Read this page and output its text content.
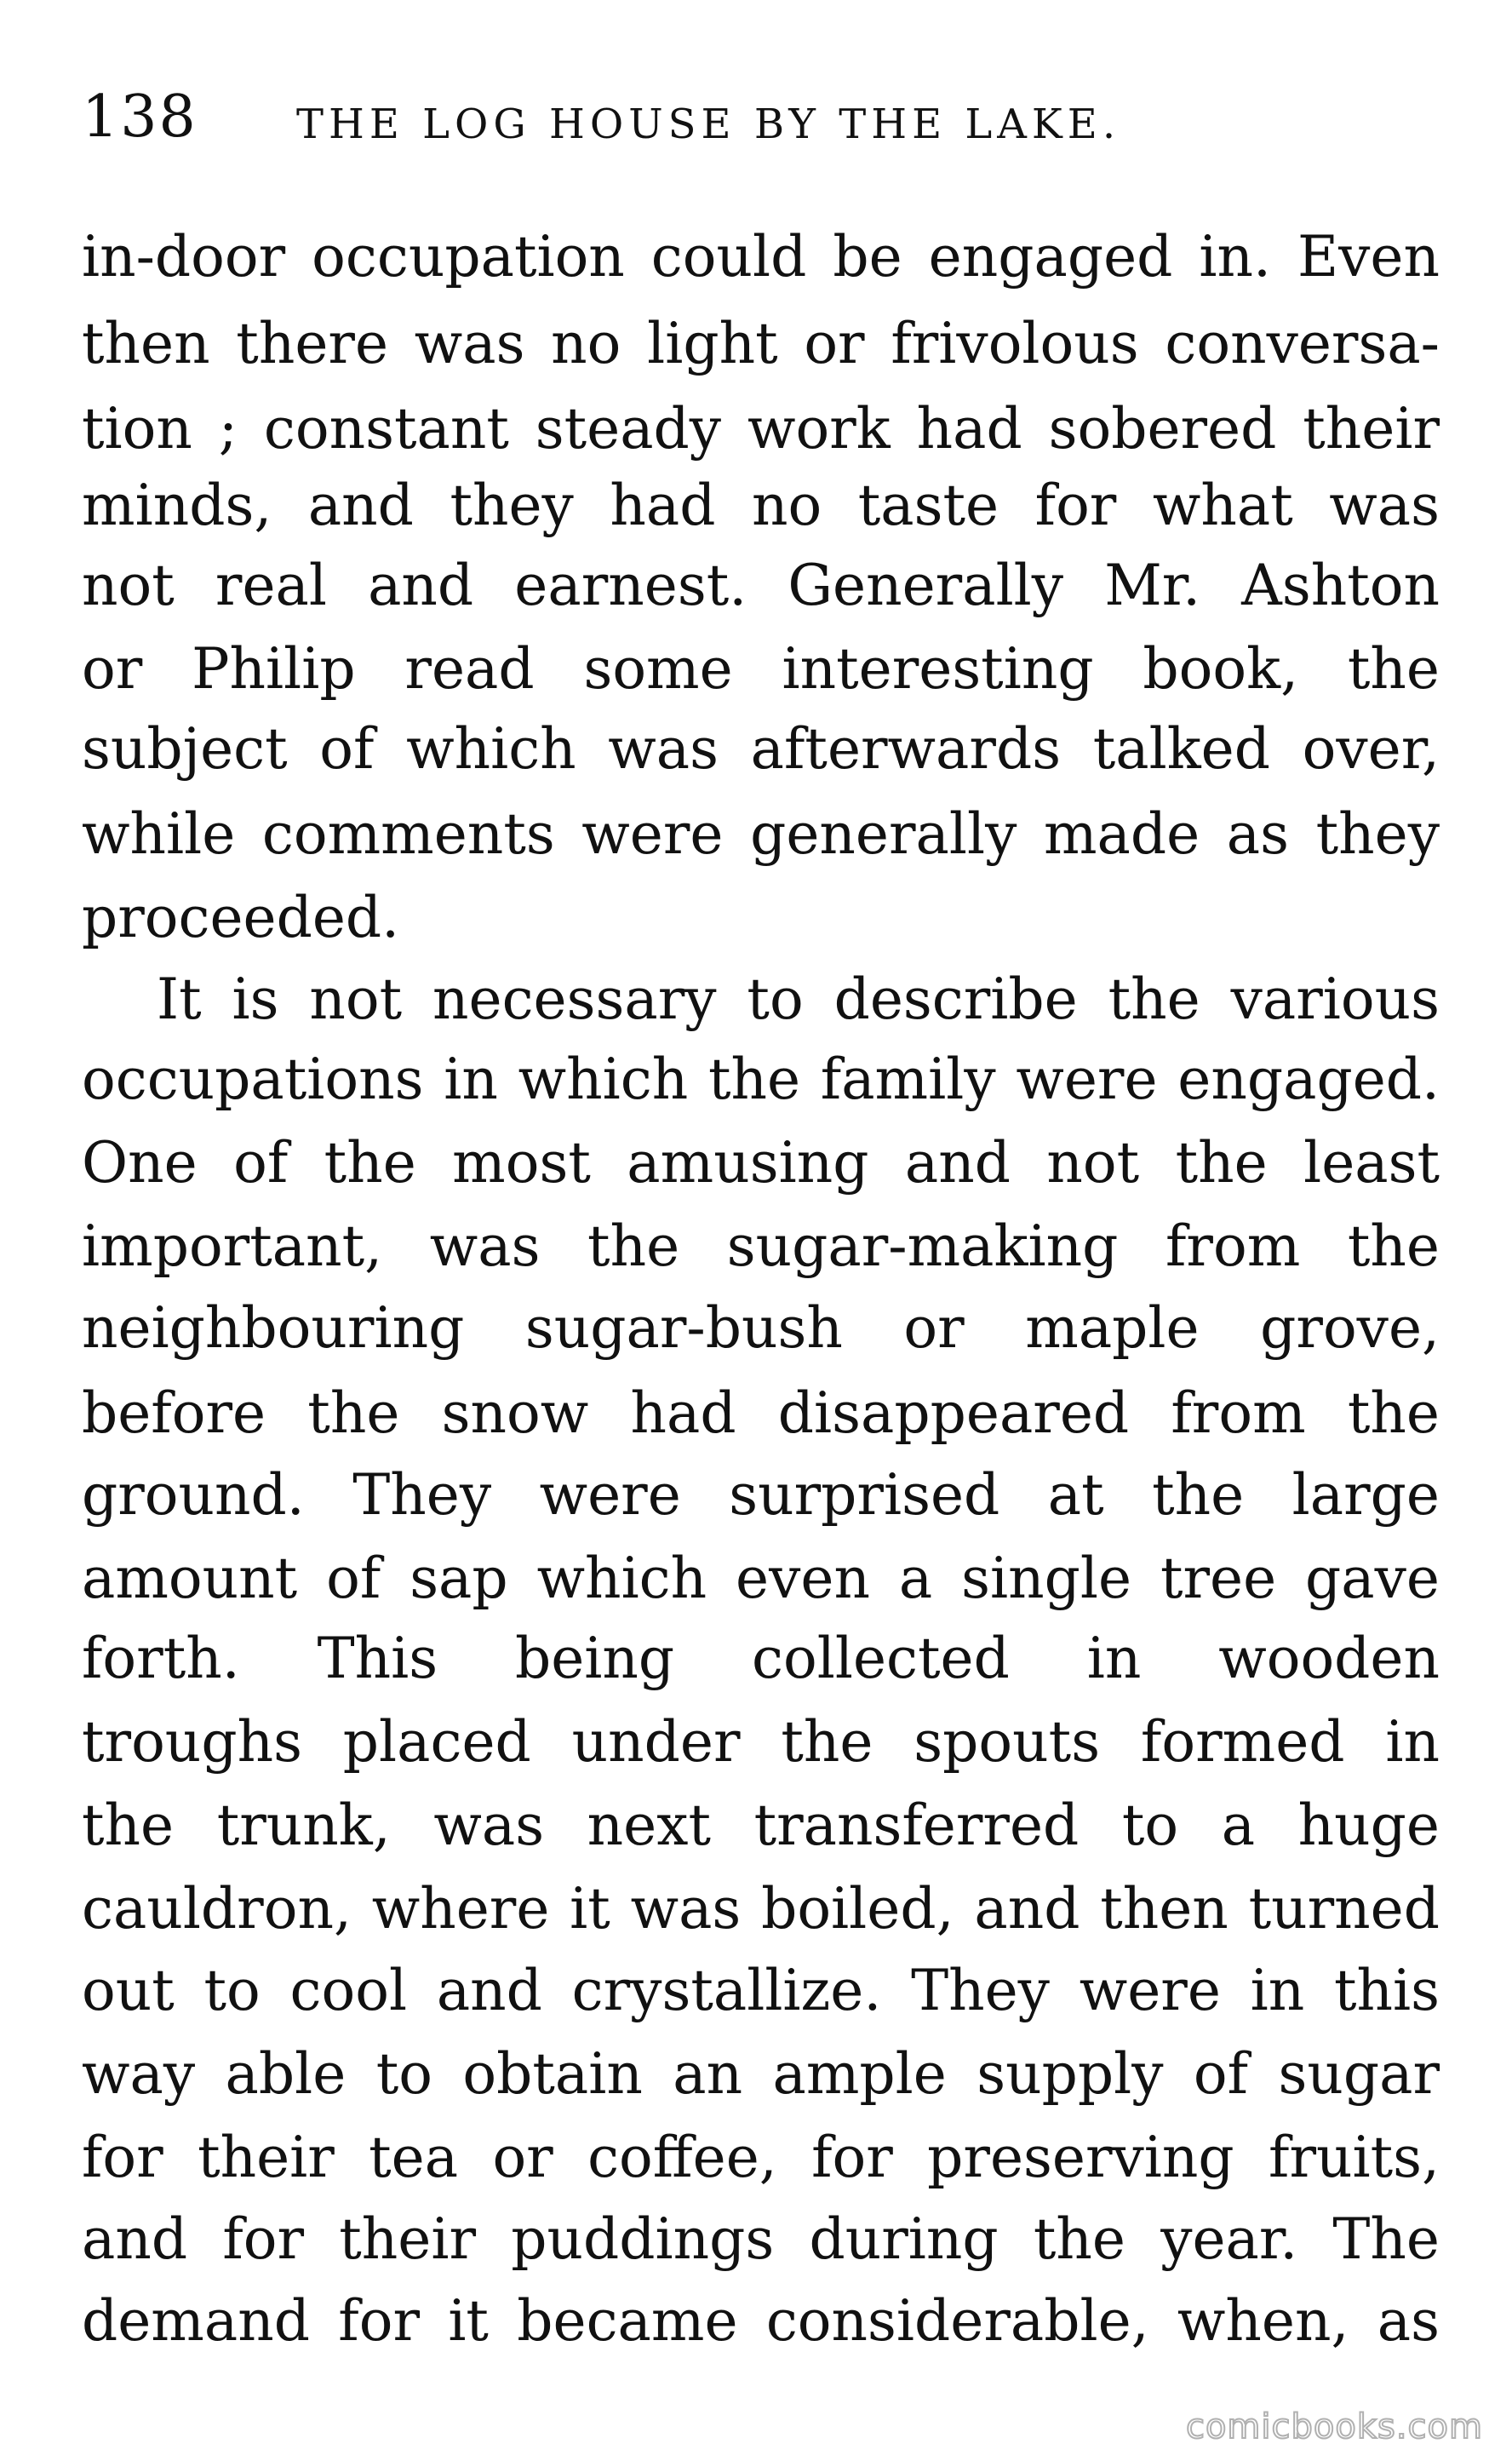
138 THE LOG HOUSE BY THE LAKE.
in-door occupation could be engaged in. Even
then there was no light or frivolous conversa-
tion ; constant steady work had sobered their
minds, and they had no taste for what was
not real and earnest. Generally Mr. Ashton
or Philip read some interesting book, the
subject of which was afterwards talked over,
while comments were generally made as they
proceeded.
It is not necessary to describe the various
occupations in which the family were engaged.
One of the most amusing and not the least
important, was the sugar-making from the
neighbouring sugar-bush or maple grove,
before the snow had disappeared from the
ground. They were surprised at the large
amount of sap which even a single tree gave
forth. This being collected in wooden
troughs placed under the spouts formed in
the trunk, was next transferred to a huge
cauldron, where it was boiled, and then turned
out to cool and crystallize. They were in this
way able to obtain an ample supply of sugar
for their tea or coffee, for preserving fruits,
and for their puddings during the year. The
demand for it became considerable, when, as
comicbooks.com
